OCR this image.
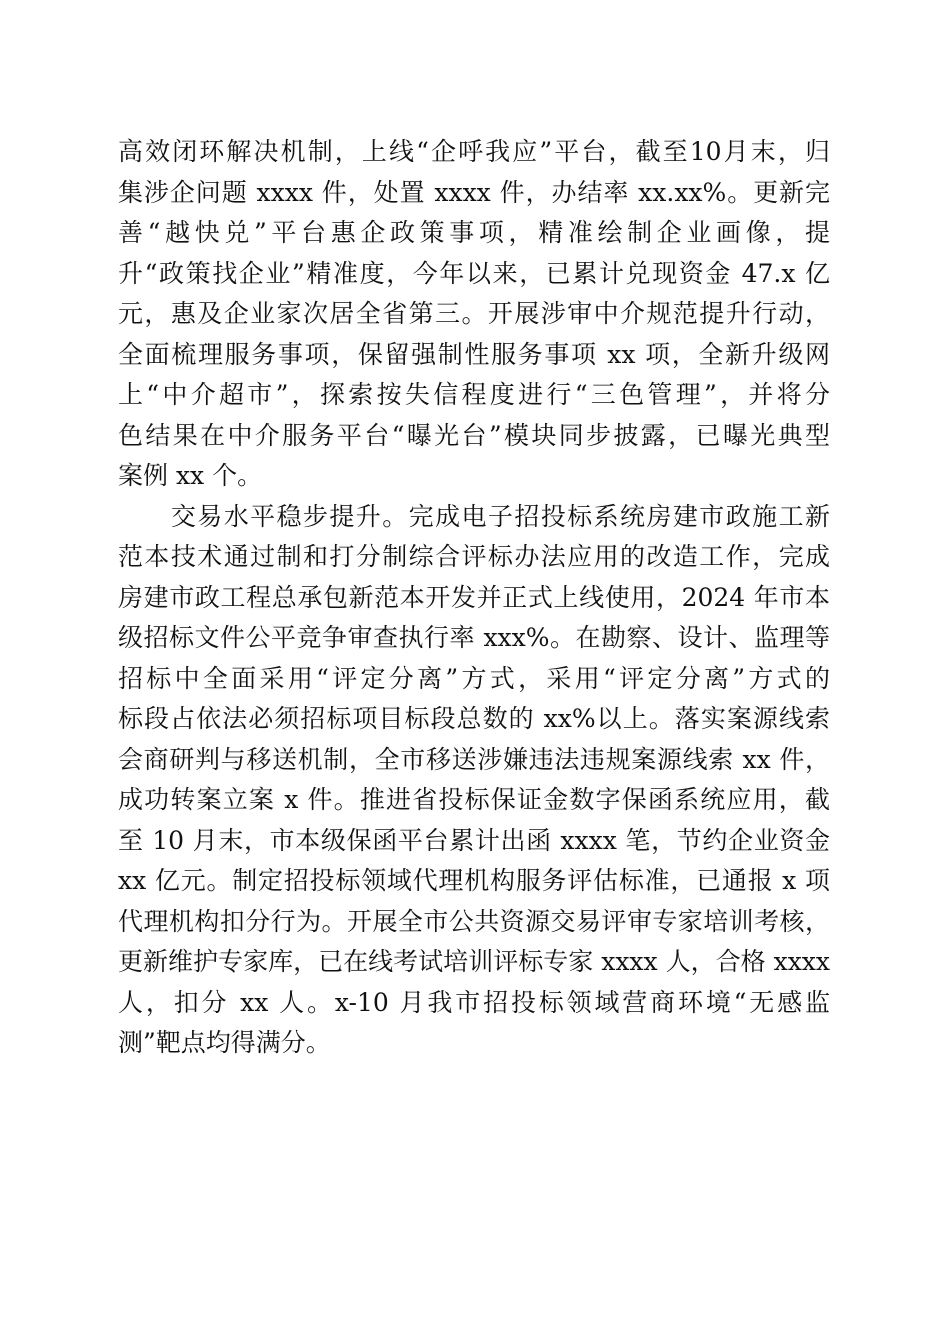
高效闭环解决机制，上线“企呼我应”平台，截至10月末，归
集涉企问题 xxxx 件，处置 xxxx 件，办结率 xx.xx%。更新完
善“越快兑”平台惠企政策事项，精准绘制企业画像，提
升“政策找企业”精准度，今年以来，已累计兑现资金 47.x 亿
元，惠及企业家次居全省第三。开展涉审中介规范提升行动，
全面梳理服务事项，保留强制性服务事项 xx 项，全新升级网
上“中介超市”，探索按失信程度进行“三色管理”，并将分
色结果在中介服务平台“曝光台”模块同步披露，已曝光典型
案例 xx 个。
　　交易水平稳步提升。完成电子招投标系统房建市政施工新
范本技术通过制和打分制综合评标办法应用的改造工作，完成
房建市政工程总承包新范本开发并正式上线使用，2024 年市本
级招标文件公平竞争审查执行率 xxx%。在勘察、设计、监理等
招标中全面采用“评定分离”方式，采用“评定分离”方式的
标段占依法必须招标项目标段总数的 xx%以上。落实案源线索
会商研判与移送机制，全市移送涉嫌违法违规案源线索 xx 件，
成功转案立案 x 件。推进省投标保证金数字保函系统应用，截
至 10 月末，市本级保函平台累计出函 xxxx 笔，节约企业资金
xx 亿元。制定招投标领域代理机构服务评估标准，已通报 x 项
代理机构扣分行为。开展全市公共资源交易评审专家培训考核，
更新维护专家库，已在线考试培训评标专家 xxxx 人，合格 xxxx
人，扣分 xx 人。x-10 月我市招投标领域营商环境“无感监
测”靶点均得满分。
